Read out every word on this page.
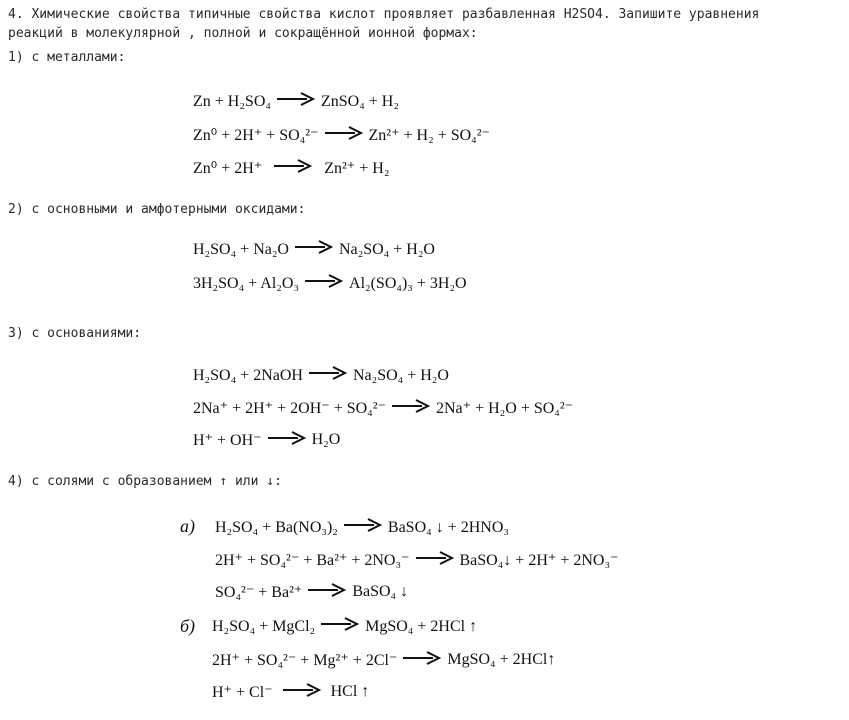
4. Химические свойства типичные свойства кислот проявляет разбавленная H2SO4. Запишите уравнения
реакций в молекулярной , полной и сокращённой ионной формах:
1) с металлами:
Zn + H₂SO₄ → ZnSO₄ + H₂
Zn⁰ + 2H⁺ + SO₄²⁻ → Zn²⁺ + H₂ + SO₄²⁻
Zn⁰ + 2H⁺ → Zn²⁺ + H₂
2) с основными и амфотерными оксидами:
H₂SO₄ + Na₂O → Na₂SO₄ + H₂O
3H₂SO₄ + Al₂O₃ → Al₂(SO₄)₃ + 3H₂O
3) с основаниями:
H₂SO₄ + 2NaOH → Na₂SO₄ + H₂O
2Na⁺ + 2H⁺ + 2OH⁻ + SO₄²⁻ → 2Na⁺ + H₂O + SO₄²⁻
H⁺ + OH⁻ → H₂O
4) с солями с образованием ↑ или ↓:
а) H₂SO₄ + Ba(NO₃)₂ → BaSO₄ ↓ + 2HNO₃
2H⁺ + SO₄²⁻ + Ba²⁺ + 2NO₃⁻ → BaSO₄↓ + 2H⁺ + 2NO₃⁻
SO₄²⁻ + Ba²⁺ → BaSO₄ ↓
б) H₂SO₄ + MgCl₂ → MgSO₄ + 2HCl ↑
2H⁺ + SO₄²⁻ + Mg²⁺ + 2Cl⁻ → MgSO₄ + 2HCl↑
H⁺ + Cl⁻ → HCl ↑
